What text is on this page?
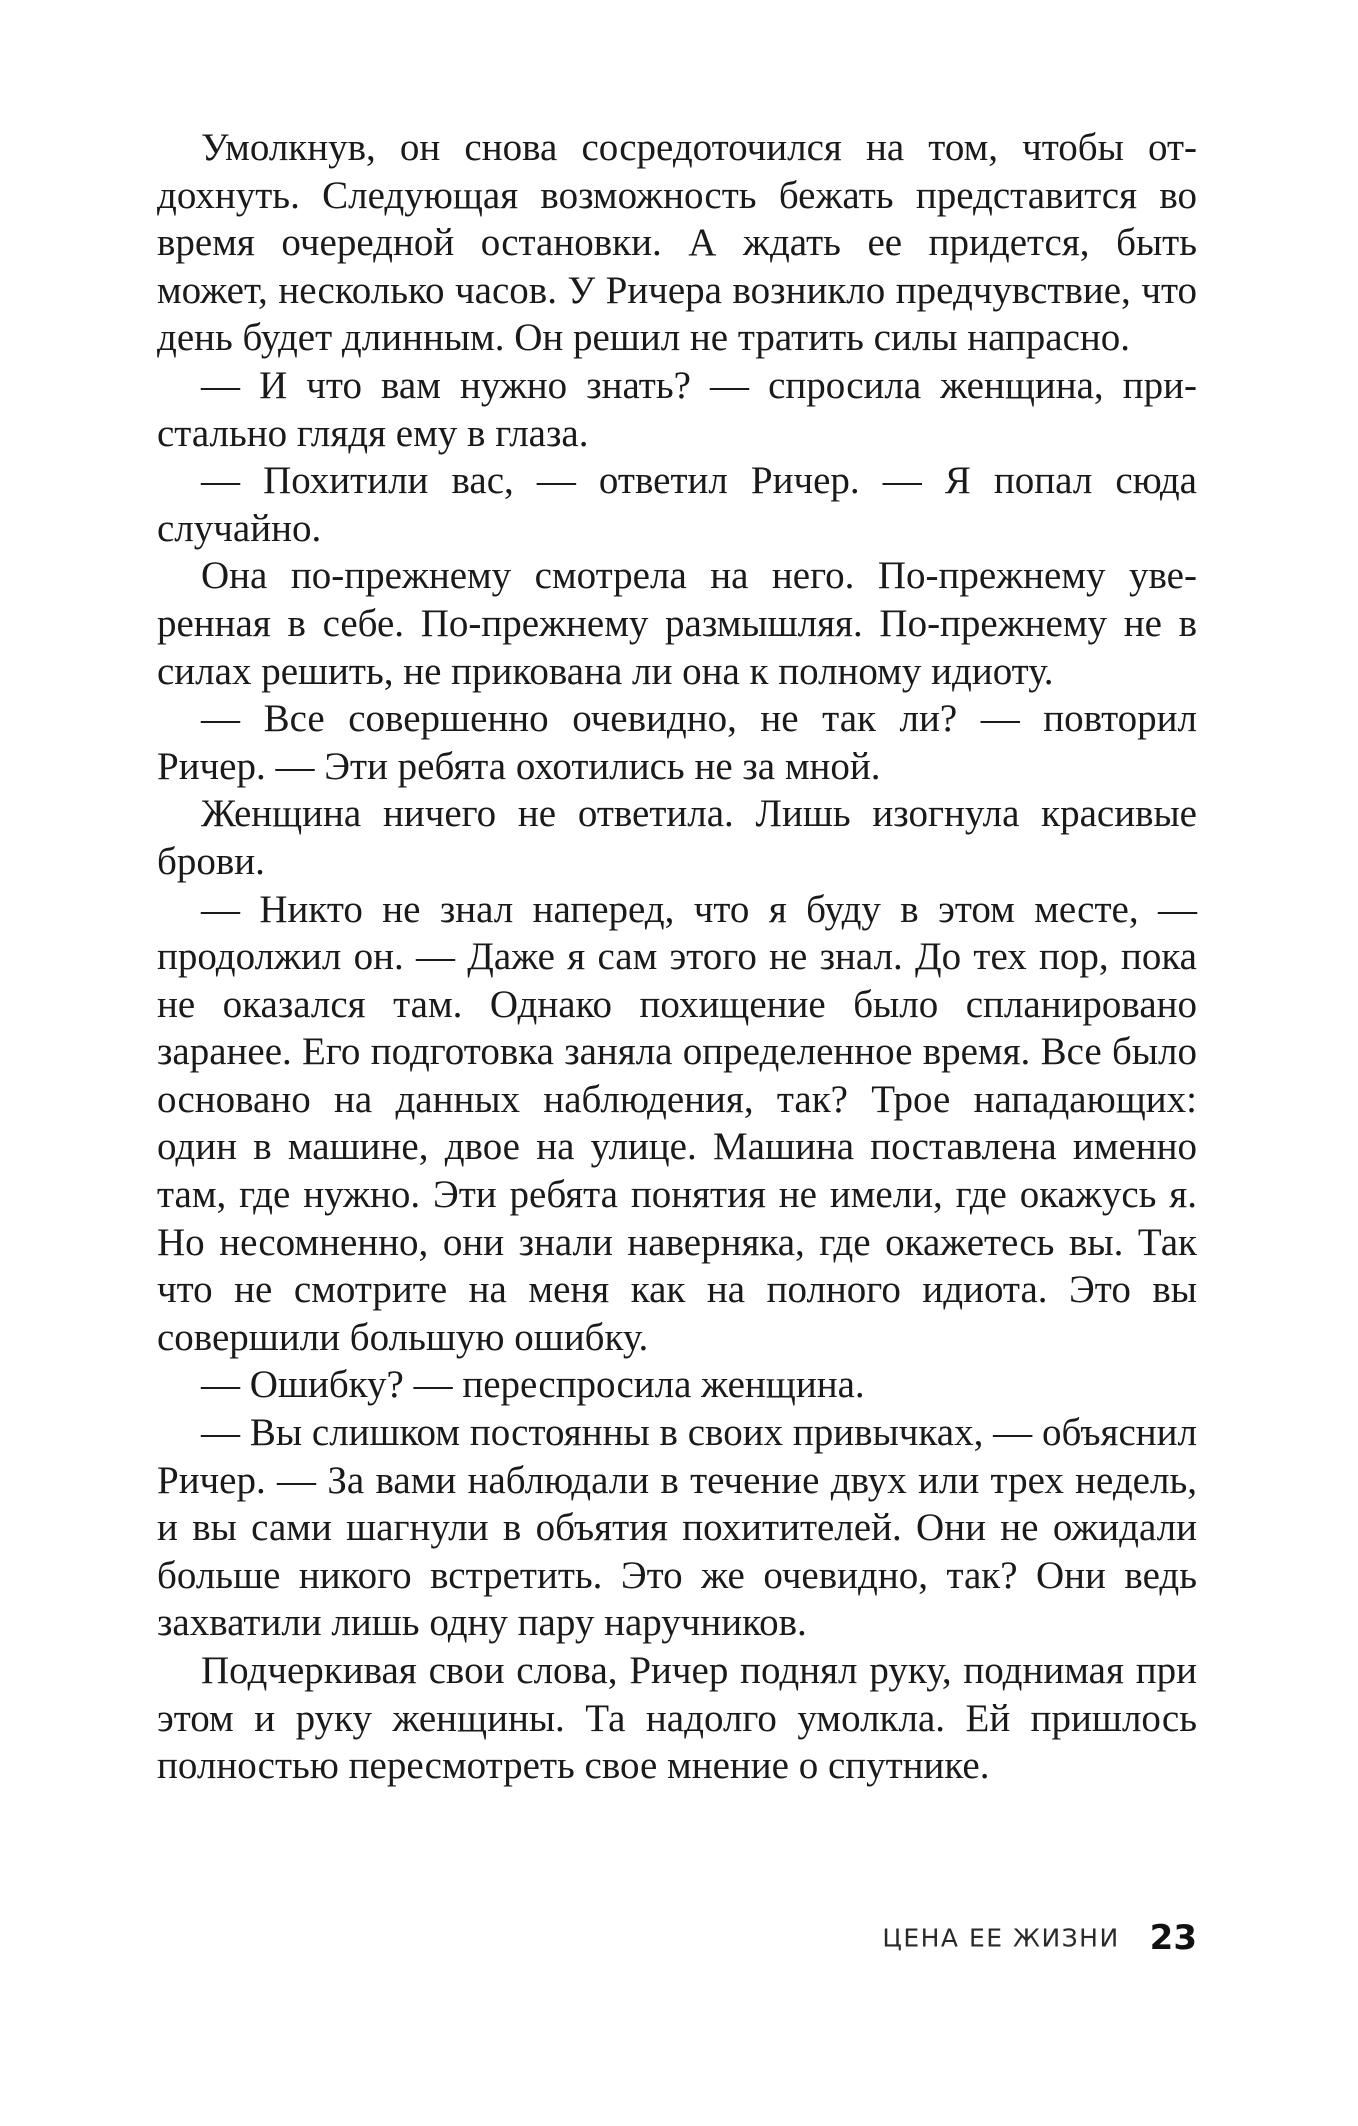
Умолкнув, он снова сосредоточился на том, чтобы отдохнуть. Следующая возможность бежать представится во время очередной остановки. А ждать ее придется, быть может, несколько часов. У Ричера возникло предчувствие, что день будет длинным. Он решил не тратить силы напрасно.

— И что вам нужно знать? — спросила женщина, пристально глядя ему в глаза.

— Похитили вас, — ответил Ричер. — Я попал сюда случайно.

Она по-прежнему смотрела на него. По-прежнему уверенная в себе. По-прежнему размышляя. По-прежнему не в силах решить, не прикована ли она к полному идиоту.

— Все совершенно очевидно, не так ли? — повторил Ричер. — Эти ребята охотились не за мной.

Женщина ничего не ответила. Лишь изогнула красивые брови.

— Никто не знал наперед, что я буду в этом месте, — продолжил он. — Даже я сам этого не знал. До тех пор, пока не оказался там. Однако похищение было спланировано заранее. Его подготовка заняла определенное время. Все было основано на данных наблюдения, так? Трое нападающих: один в машине, двое на улице. Машина поставлена именно там, где нужно. Эти ребята понятия не имели, где окажусь я. Но несомненно, они знали наверняка, где окажетесь вы. Так что не смотрите на меня как на полного идиота. Это вы совершили большую ошибку.

— Ошибку? — переспросила женщина.

— Вы слишком постоянны в своих привычках, — объяснил Ричер. — За вами наблюдали в течение двух или трех недель, и вы сами шагнули в объятия похитителей. Они не ожидали больше никого встретить. Это же очевидно, так? Они ведь захватили лишь одну пару наручников.

Подчеркивая свои слова, Ричер поднял руку, поднимая при этом и руку женщины. Та надолго умолкла. Ей пришлось полностью пересмотреть свое мнение о спутнике.

ЦЕНА ЕЕ ЖИЗНИ 23
